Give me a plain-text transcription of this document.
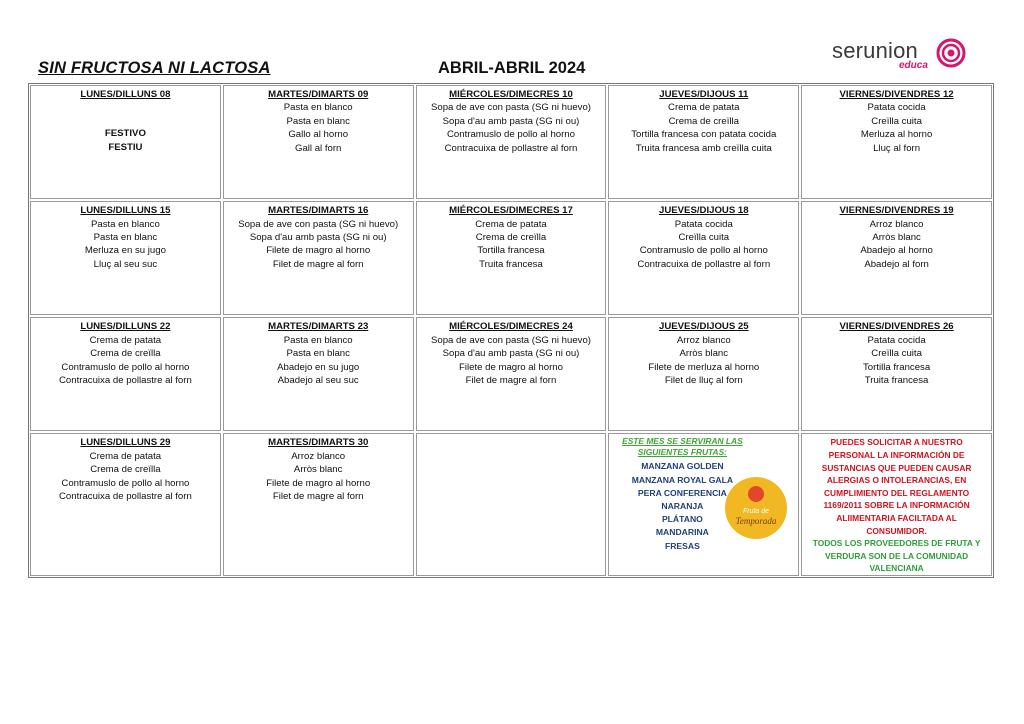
SIN FRUCTOSA NI LACTOSA	ABRIL-ABRIL 2024
serunion
educa
LUNES/DILLUNS 08
FESTIVO
FESTIU
MARTES/DIMARTS 09
Pasta en blanco
Pasta en blanc
Gallo al horno
Gall al forn
MIÉRCOLES/DIMECRES 10
Sopa de ave con pasta (SG ni huevo)
Sopa d'au amb pasta (SG ni ou)
Contramuslo de pollo al horno
Contracuixa de pollastre al forn
JUEVES/DIJOUS 11
Crema de patata
Crema de creïlla
Tortilla francesa con patata cocida
Truita francesa amb creïlla cuita
VIERNES/DIVENDRES 12
Patata cocida
Creïlla cuita
Merluza al horno
Lluç al forn
LUNES/DILLUNS 15
Pasta en blanco
Pasta en blanc
Merluza en su jugo
Lluç al seu suc
MARTES/DIMARTS 16
Sopa de ave con pasta (SG ni huevo)
Sopa d'au amb pasta (SG ni ou)
Filete de magro al horno
Filet de magre al forn
MIÉRCOLES/DIMECRES 17
Crema de patata
Crema de creïlla
Tortilla francesa
Truita francesa
JUEVES/DIJOUS 18
Patata cocida
Creïlla cuita
Contramuslo de pollo al horno
Contracuixa de pollastre al forn
VIERNES/DIVENDRES 19
Arroz blanco
Arròs blanc
Abadejo al horno
Abadejo al forn
LUNES/DILLUNS 22
Crema de patata
Crema de creïlla
Contramuslo de pollo al horno
Contracuixa de pollastre al forn
MARTES/DIMARTS 23
Pasta en blanco
Pasta en blanc
Abadejo en su jugo
Abadejo al seu suc
MIÉRCOLES/DIMECRES 24
Sopa de ave con pasta (SG ni huevo)
Sopa d'au amb pasta (SG ni ou)
Filete de magro al horno
Filet de magre al forn
JUEVES/DIJOUS 25
Arroz blanco
Arròs blanc
Filete de merluza al horno
Filet de lluç al forn
VIERNES/DIVENDRES 26
Patata cocida
Creïlla cuita
Tortilla francesa
Truita francesa
LUNES/DILLUNS 29
Crema de patata
Crema de creïlla
Contramuslo de pollo al horno
Contracuixa de pollastre al forn
MARTES/DIMARTS 30
Arroz blanco
Arròs blanc
Filete de magro al horno
Filet de magre al forn
ESTE MES SE SERVIRAN LAS SIGUIENTES FRUTAS:
MANZANA GOLDEN
MANZANA ROYAL GALA
PERA CONFERENCIA
NARANJA
PLÁTANO
MANDARINA
FRESAS
Fruta de
Temporada
PUEDES SOLICITAR A NUESTRO PERSONAL LA INFORMACIÓN DE SUSTANCIAS QUE PUEDEN CAUSAR ALERGIAS O INTOLERANCIAS, EN CUMPLIMIENTO DEL REGLAMENTO 1169/2011 SOBRE LA INFORMACIÓN ALIIMENTARIA FACILTADA AL CONSUMIDOR.
TODOS LOS PROVEEDORES DE FRUTA Y VERDURA SON DE LA COMUNIDAD VALENCIANA
